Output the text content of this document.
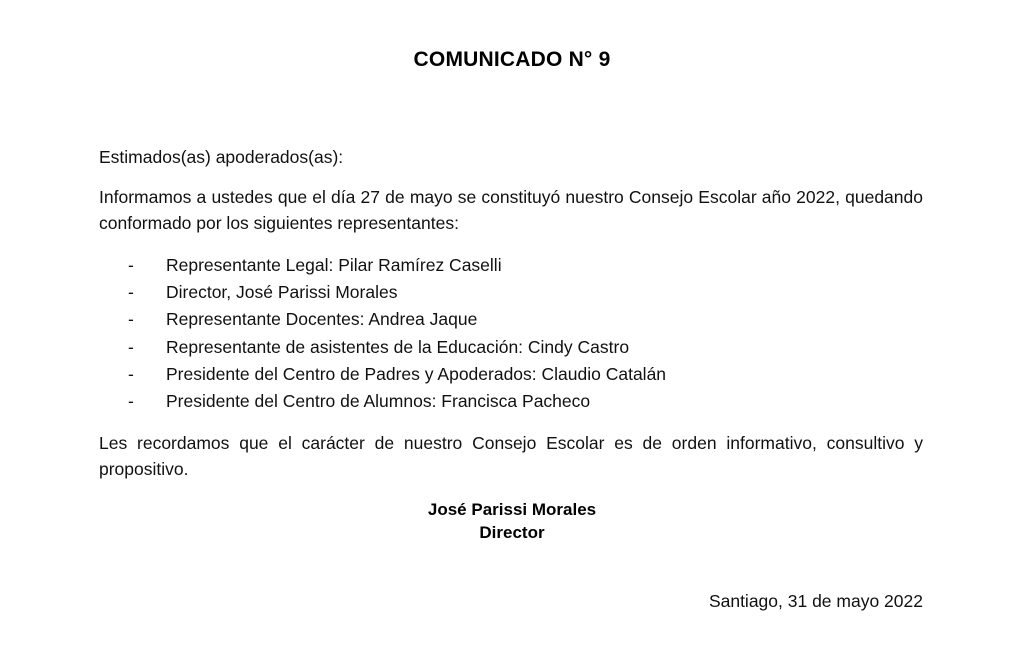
COMUNICADO N° 9
Estimados(as) apoderados(as):
Informamos a ustedes que el día 27 de mayo se constituyó nuestro Consejo Escolar año 2022, quedando conformado por los siguientes representantes:
- Representante Legal: Pilar Ramírez Caselli
- Director, José Parissi Morales
- Representante Docentes: Andrea Jaque
- Representante de asistentes de la Educación: Cindy Castro
- Presidente del Centro de Padres y Apoderados: Claudio Catalán
- Presidente del Centro de Alumnos: Francisca Pacheco
Les recordamos que el carácter de nuestro Consejo Escolar es de orden informativo, consultivo y propositivo.
José Parissi Morales
Director
Santiago, 31 de mayo 2022
